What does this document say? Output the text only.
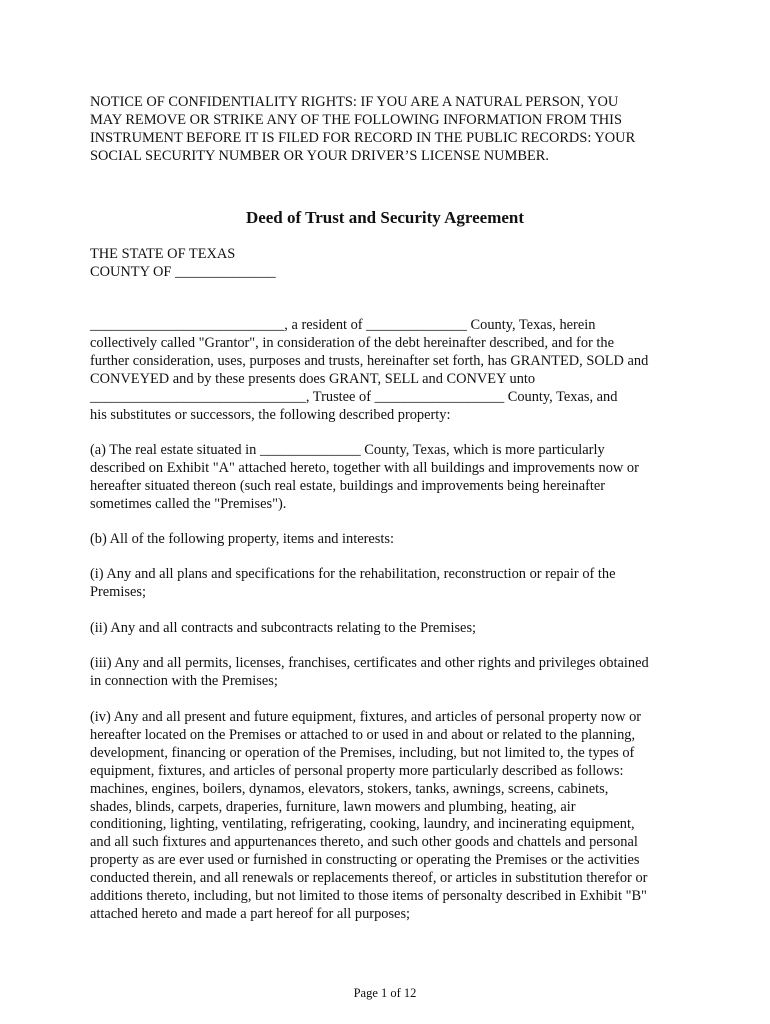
NOTICE OF CONFIDENTIALITY RIGHTS: IF YOU ARE A NATURAL PERSON, YOU

MAY REMOVE OR STRIKE ANY OF THE FOLLOWING INFORMATION FROM THIS

INSTRUMENT BEFORE IT IS FILED FOR RECORD IN THE PUBLIC RECORDS: YOUR

SOCIAL SECURITY NUMBER OR YOUR DRIVER’S LICENSE NUMBER.

Deed of Trust and Security Agreement

THE STATE OF TEXAS

COUNTY OF ______________

___________________________, a resident of ______________ County, Texas, herein

collectively called "Grantor", in consideration of the debt hereinafter described, and for the

further consideration, uses, purposes and trusts, hereinafter set forth, has GRANTED, SOLD and

CONVEYED and by these presents does GRANT, SELL and CONVEY unto

______________________________, Trustee of __________________ County, Texas, and

his substitutes or successors, the following described property:

(a) The real estate situated in ______________ County, Texas, which is more particularly

described on Exhibit "A" attached hereto, together with all buildings and improvements now or

hereafter situated thereon (such real estate, buildings and improvements being hereinafter

sometimes called the "Premises").

(b) All of the following property, items and interests:

(i) Any and all plans and specifications for the rehabilitation, reconstruction or repair of the

Premises;

(ii) Any and all contracts and subcontracts relating to the Premises;

(iii) Any and all permits, licenses, franchises, certificates and other rights and privileges obtained

in connection with the Premises;

(iv) Any and all present and future equipment, fixtures, and articles of personal property now or

hereafter located on the Premises or attached to or used in and about or related to the planning,

development, financing or operation of the Premises, including, but not limited to, the types of

equipment, fixtures, and articles of personal property more particularly described as follows:

machines, engines, boilers, dynamos, elevators, stokers, tanks, awnings, screens, cabinets,

shades, blinds, carpets, draperies, furniture, lawn mowers and plumbing, heating, air

conditioning, lighting, ventilating, refrigerating, cooking, laundry, and incinerating equipment,

and all such fixtures and appurtenances thereto, and such other goods and chattels and personal

property as are ever used or furnished in constructing or operating the Premises or the activities

conducted therein, and all renewals or replacements thereof, or articles in substitution therefor or

additions thereto, including, but not limited to those items of personalty described in Exhibit "B"

attached hereto and made a part hereof for all purposes;

Page 1 of 12
